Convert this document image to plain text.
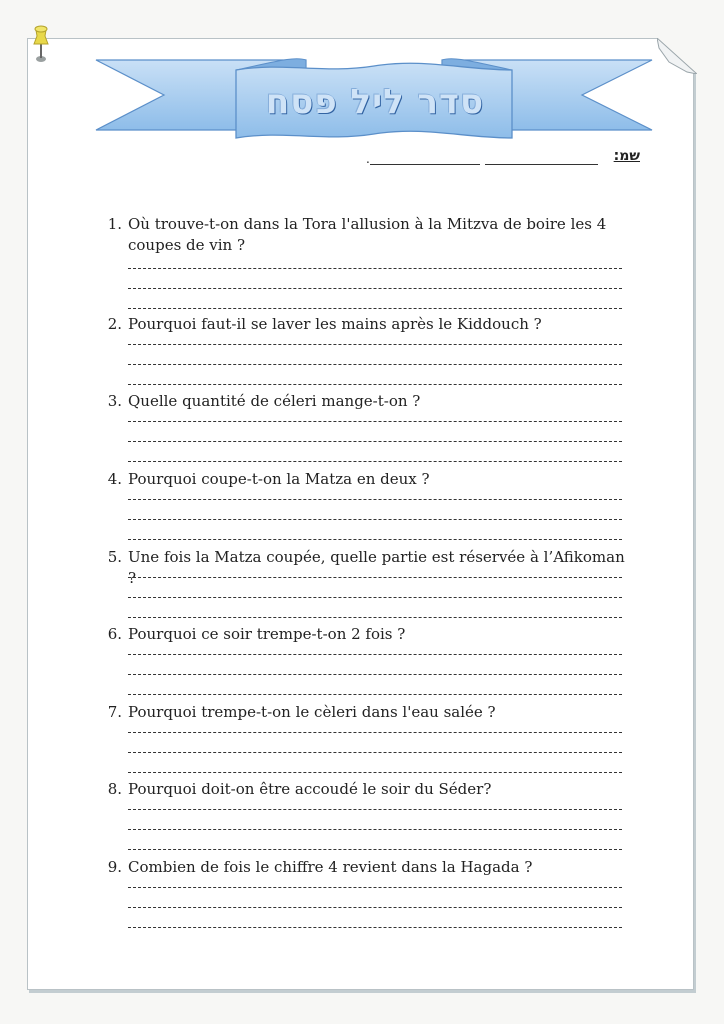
סדר ליל פסח
.	שמ:
1. Où trouve-t-on dans la Tora l'allusion à la Mitzva de boire les 4 coupes de vin ?
2. Pourquoi faut-il se laver les mains après le Kiddouch ?
3. Quelle quantité de céleri mange-t-on ?
4. Pourquoi coupe-t-on la Matza en deux ?
5. Une fois la Matza coupée, quelle partie est réservée à l’Afikoman ?
6. Pourquoi ce soir trempe-t-on 2 fois ?
7. Pourquoi trempe-t-on le cèleri dans l'eau salée ?
8. Pourquoi doit-on être accoudé le soir du Séder?
9. Combien de fois le chiffre 4 revient dans la Hagada ?
